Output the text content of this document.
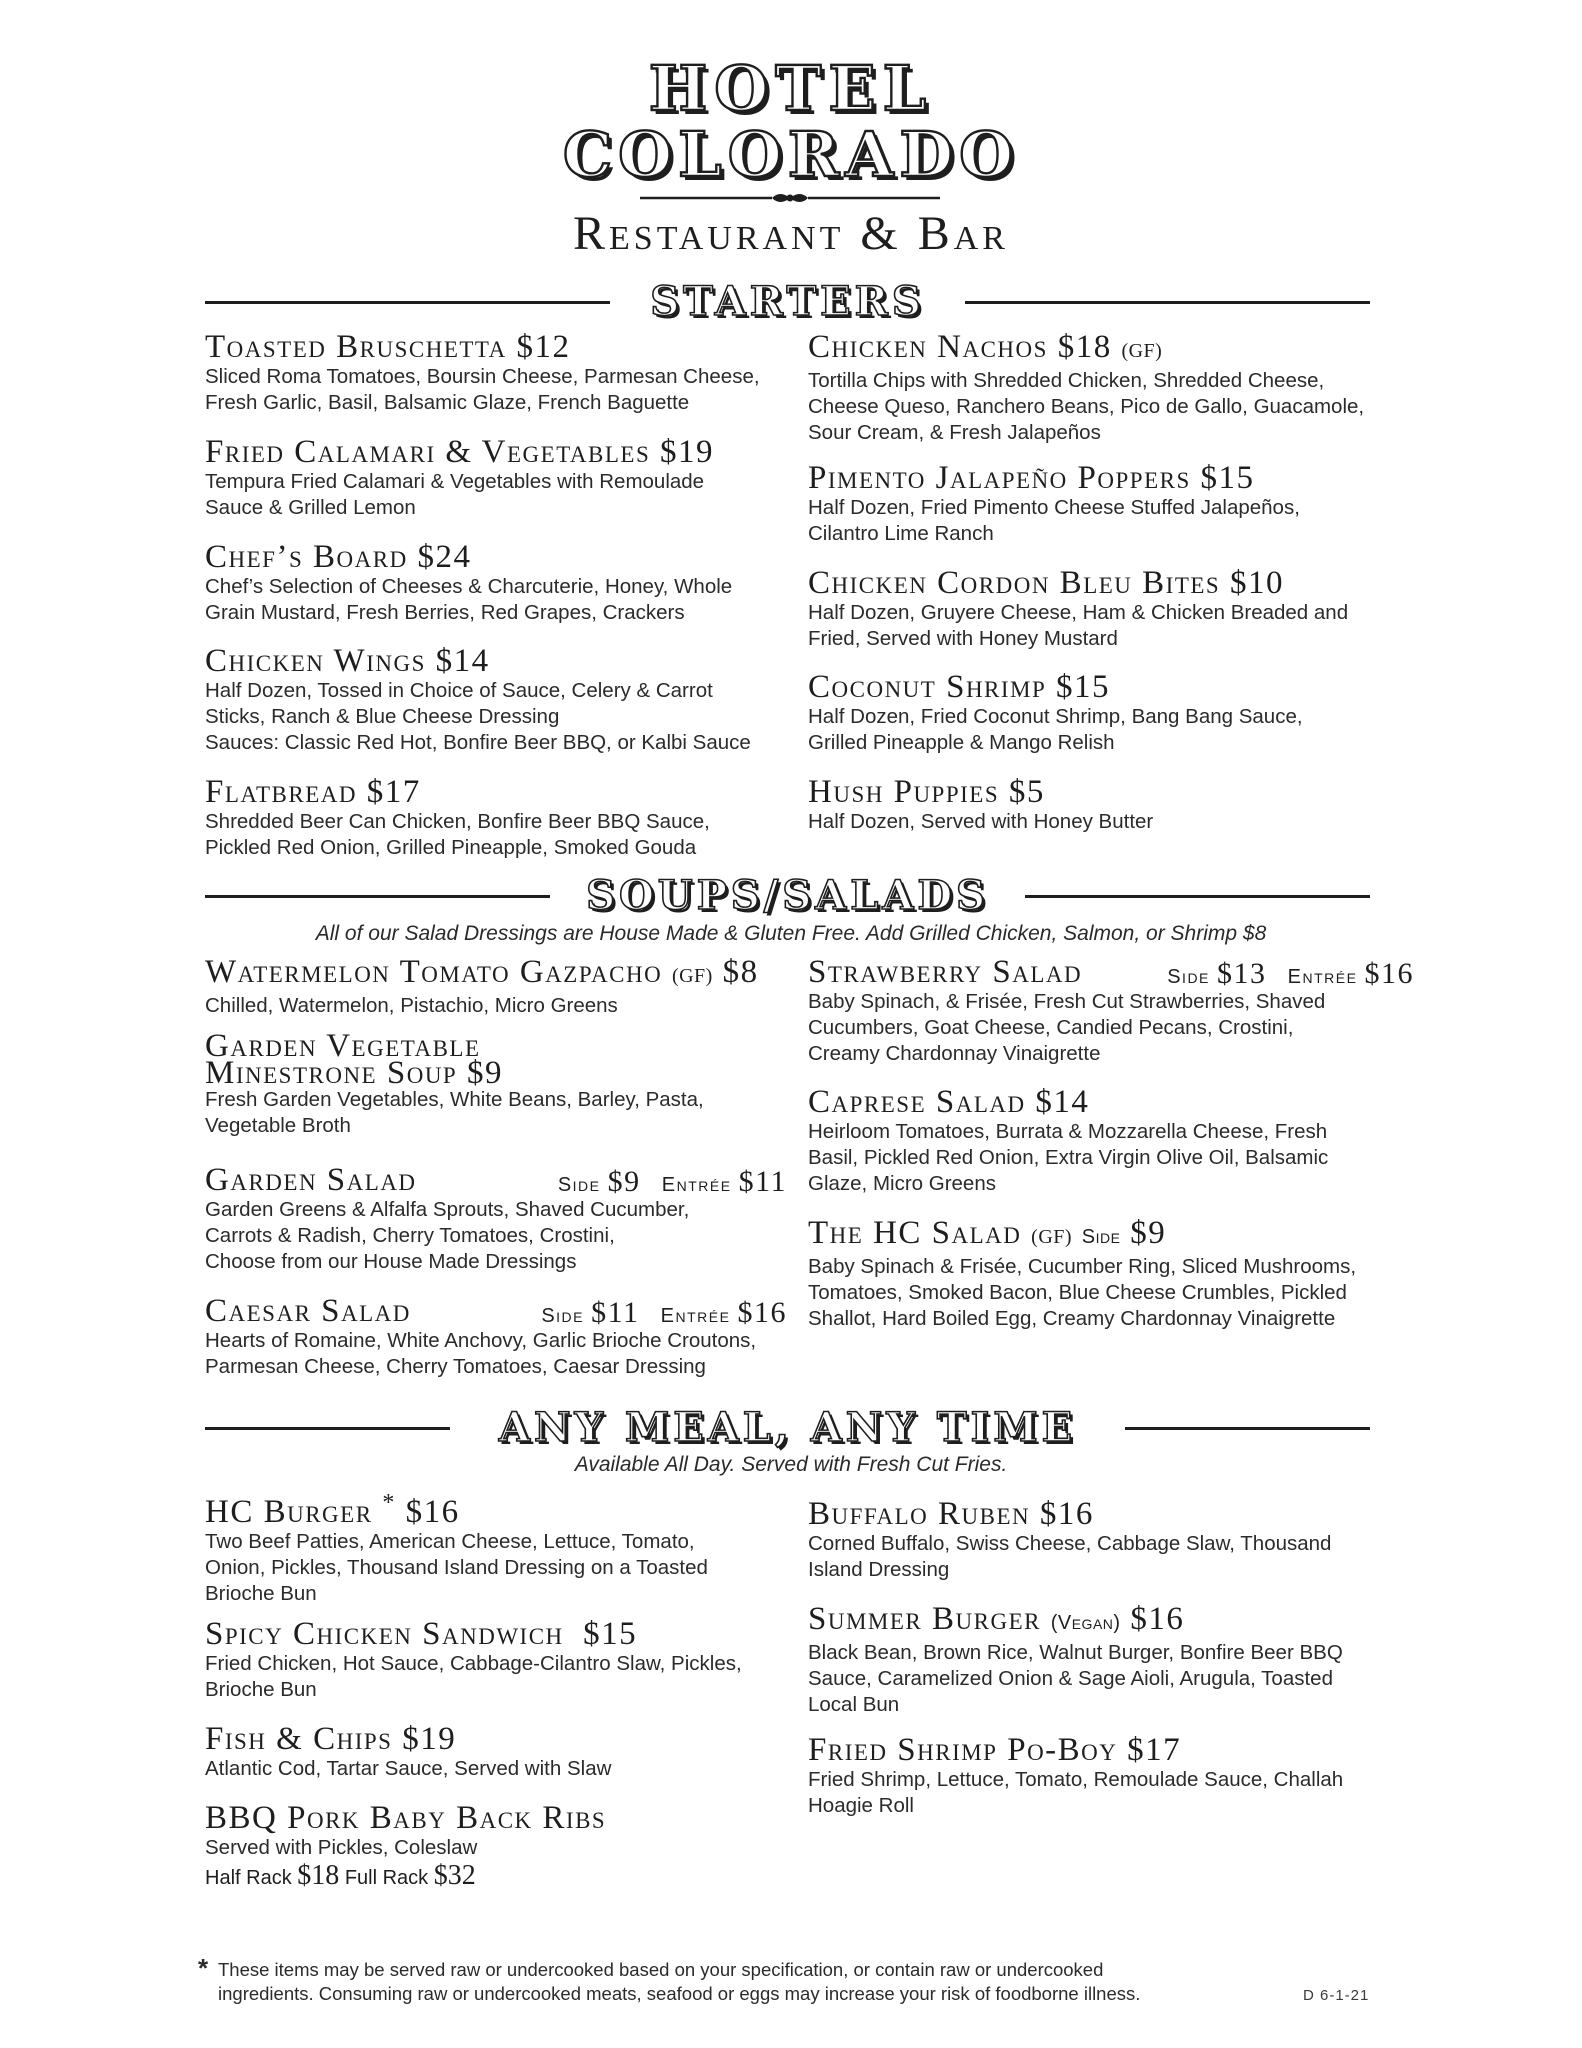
HOTEL
COLORADO
Restaurant & Bar
STARTERS
Toasted Bruschetta $12
Sliced Roma Tomatoes, Boursin Cheese, Parmesan Cheese,
Fresh Garlic, Basil, Balsamic Glaze, French Baguette
Fried Calamari & Vegetables $19
Tempura Fried Calamari & Vegetables with Remoulade
Sauce & Grilled Lemon
Chef’s Board $24
Chef’s Selection of Cheeses & Charcuterie, Honey, Whole
Grain Mustard, Fresh Berries, Red Grapes, Crackers
Chicken Wings $14
Half Dozen, Tossed in Choice of Sauce, Celery & Carrot
Sticks, Ranch & Blue Cheese Dressing
Sauces: Classic Red Hot, Bonfire Beer BBQ, or Kalbi Sauce
Flatbread $17
Shredded Beer Can Chicken, Bonfire Beer BBQ Sauce,
Pickled Red Onion, Grilled Pineapple, Smoked Gouda
Chicken Nachos $18 (GF)
Tortilla Chips with Shredded Chicken, Shredded Cheese,
Cheese Queso, Ranchero Beans, Pico de Gallo, Guacamole,
Sour Cream, & Fresh Jalapeños
Pimento Jalapeño Poppers $15
Half Dozen, Fried Pimento Cheese Stuffed Jalapeños,
Cilantro Lime Ranch
Chicken Cordon Bleu Bites $10
Half Dozen, Gruyere Cheese, Ham & Chicken Breaded and
Fried, Served with Honey Mustard
Coconut Shrimp $15
Half Dozen, Fried Coconut Shrimp, Bang Bang Sauce,
Grilled Pineapple & Mango Relish
Hush Puppies $5
Half Dozen, Served with Honey Butter
SOUPS/SALADS
All of our Salad Dressings are House Made & Gluten Free. Add Grilled Chicken, Salmon, or Shrimp $8
Watermelon Tomato Gazpacho (GF) $8
Chilled, Watermelon, Pistachio, Micro Greens
Garden Vegetable
Minestrone Soup $9
Fresh Garden Vegetables, White Beans, Barley, Pasta,
Vegetable Broth
Garden Salad	Side $9 Entrée $11
Garden Greens & Alfalfa Sprouts, Shaved Cucumber,
Carrots & Radish, Cherry Tomatoes, Crostini,
Choose from our House Made Dressings
Caesar Salad	Side $11 Entrée $16
Hearts of Romaine, White Anchovy, Garlic Brioche Croutons,
Parmesan Cheese, Cherry Tomatoes, Caesar Dressing
Strawberry Salad	Side $13 Entrée $16
Baby Spinach, & Frisée, Fresh Cut Strawberries, Shaved
Cucumbers, Goat Cheese, Candied Pecans, Crostini,
Creamy Chardonnay Vinaigrette
Caprese Salad $14
Heirloom Tomatoes, Burrata & Mozzarella Cheese, Fresh
Basil, Pickled Red Onion, Extra Virgin Olive Oil, Balsamic
Glaze, Micro Greens
The HC Salad (GF) Side $9
Baby Spinach & Frisée, Cucumber Ring, Sliced Mushrooms,
Tomatoes, Smoked Bacon, Blue Cheese Crumbles, Pickled
Shallot, Hard Boiled Egg, Creamy Chardonnay Vinaigrette
ANY MEAL, ANY TIME
Available All Day. Served with Fresh Cut Fries.
HC Burger * $16
Two Beef Patties, American Cheese, Lettuce, Tomato,
Onion, Pickles, Thousand Island Dressing on a Toasted
Brioche Bun
Spicy Chicken Sandwich $15
Fried Chicken, Hot Sauce, Cabbage-Cilantro Slaw, Pickles,
Brioche Bun
Fish & Chips $19
Atlantic Cod, Tartar Sauce, Served with Slaw
BBQ Pork Baby Back Ribs
Served with Pickles, Coleslaw
Half Rack $18 Full Rack $32
Buffalo Ruben $16
Corned Buffalo, Swiss Cheese, Cabbage Slaw, Thousand
Island Dressing
Summer Burger (Vegan) $16
Black Bean, Brown Rice, Walnut Burger, Bonfire Beer BBQ
Sauce, Caramelized Onion & Sage Aioli, Arugula, Toasted
Local Bun
Fried Shrimp Po-Boy $17
Fried Shrimp, Lettuce, Tomato, Remoulade Sauce, Challah
Hoagie Roll
* These items may be served raw or undercooked based on your specification, or contain raw or undercooked
ingredients. Consuming raw or undercooked meats, seafood or eggs may increase your risk of foodborne illness.	D 6-1-21
